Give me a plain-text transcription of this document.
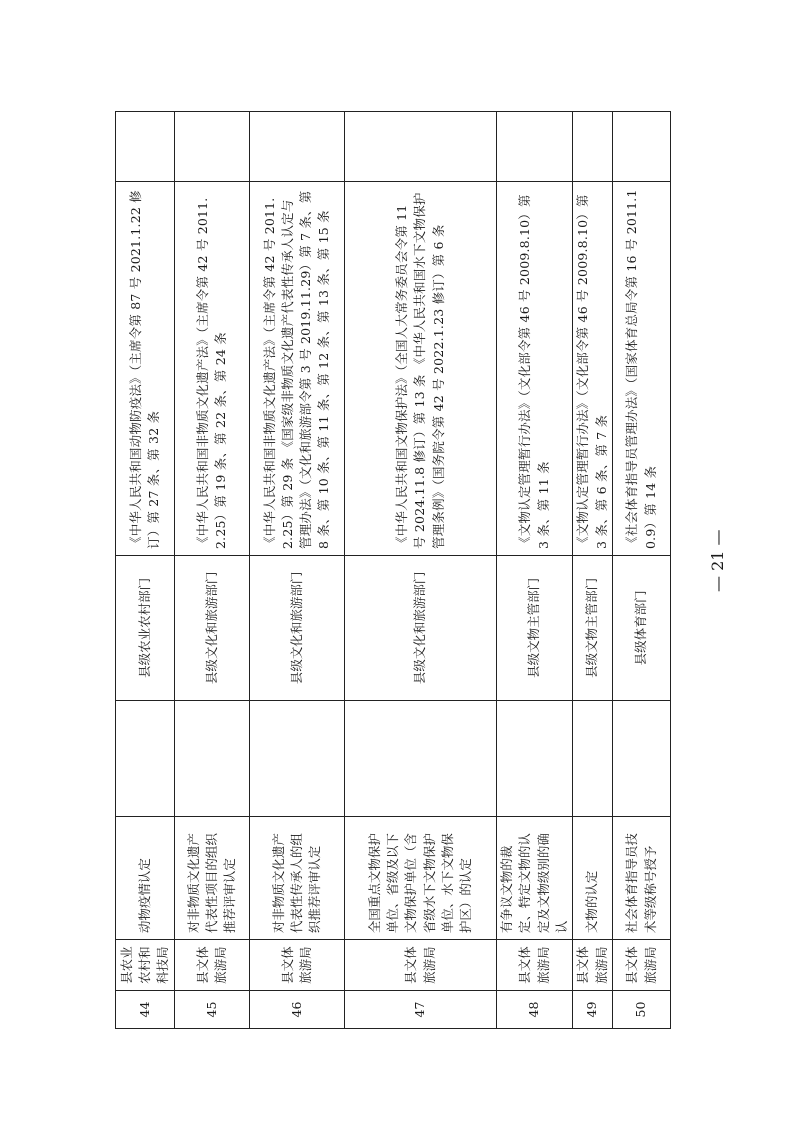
44
县农业农村和科技局
动物疫情认定
县级农业农村部门
《中华人民共和国动物防疫法》（主席令第 87 号 2021.1.22 修订）第 27 条、第 32 条
45
县文体旅游局
对非物质文化遗产代表性项目的组织推荐评审认定
县级文化和旅游部门
《中华人民共和国非物质文化遗产法》（主席令第 42 号 2011.2.25）第 19 条、第 22 条、第 24 条
46
县文体旅游局
对非物质文化遗产代表性传承人的组织推荐评审认定
县级文化和旅游部门
《中华人民共和国非物质文化遗产法》（主席令第 42 号 2011.2.25）第 29 条 《国家级非物质文化遗产代表性传承人认定与管理办法》（文化和旅游部令第 3 号 2019.11.29）第 7 条、第 8 条、第 10 条、第 11 条、第 12 条、第 13 条、第 15 条
47
县文体旅游局
全国重点文物保护单位、省级及以下文物保护单位（含省级水下文物保护单位、水下文物保护区）的认定
县级文化和旅游部门
《中华人民共和国文物保护法》（全国人大常务委员会令第 11 号 2024.11.8 修订）第 13 条 《中华人民共和国水下文物保护管理条例》（国务院令第 42 号 2022.1.23 修订）第 6 条
48
县文体旅游局
有争议文物的裁定、特定文物的认定及文物级别的确认
县级文物主管部门
《文物认定管理暂行办法》（文化部令第 46 号 2009.8.10）第 3 条、第 11 条
49
县文体旅游局
文物的认定
县级文物主管部门
《文物认定管理暂行办法》（文化部令第 46 号 2009.8.10）第 3 条、第 6 条、第 7 条
50
县文体旅游局
社会体育指导员技术等级称号授予
县级体育部门
《社会体育指导员管理办法》（国家体育总局令第 16 号 2011.10.9）第 14 条
— 21 —
